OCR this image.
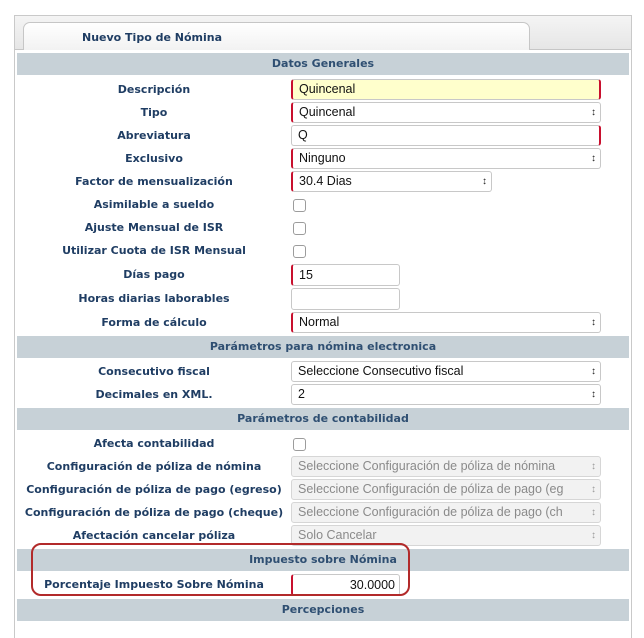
Nuevo Tipo de Nómina
Datos Generales
Descripción	Quincenal
Tipo	Quincenal	↕
Abreviatura	Q
Exclusivo	Ninguno	↕
Factor de mensualización	30.4 Dias	↕
Asimilable a sueldo
Ajuste Mensual de ISR
Utilizar Cuota de ISR Mensual
Días pago	15
Horas diarias laborables
Forma de cálculo	Normal	↕
Parámetros para nómina electronica
Consecutivo fiscal	Seleccione Consecutivo fiscal	↕
Decimales en XML.	2	↕
Parámetros de contabilidad
Afecta contabilidad
Configuración de póliza de nómina	Seleccione Configuración de póliza de nómina	↕
Configuración de póliza de pago (egreso)	Seleccione Configuración de póliza de pago (eg	↕
Configuración de póliza de pago (cheque)	Seleccione Configuración de póliza de pago (ch	↕
Afectación cancelar póliza	Solo Cancelar	↕
Impuesto sobre Nómina
Porcentaje Impuesto Sobre Nómina	30.0000
Percepciones
